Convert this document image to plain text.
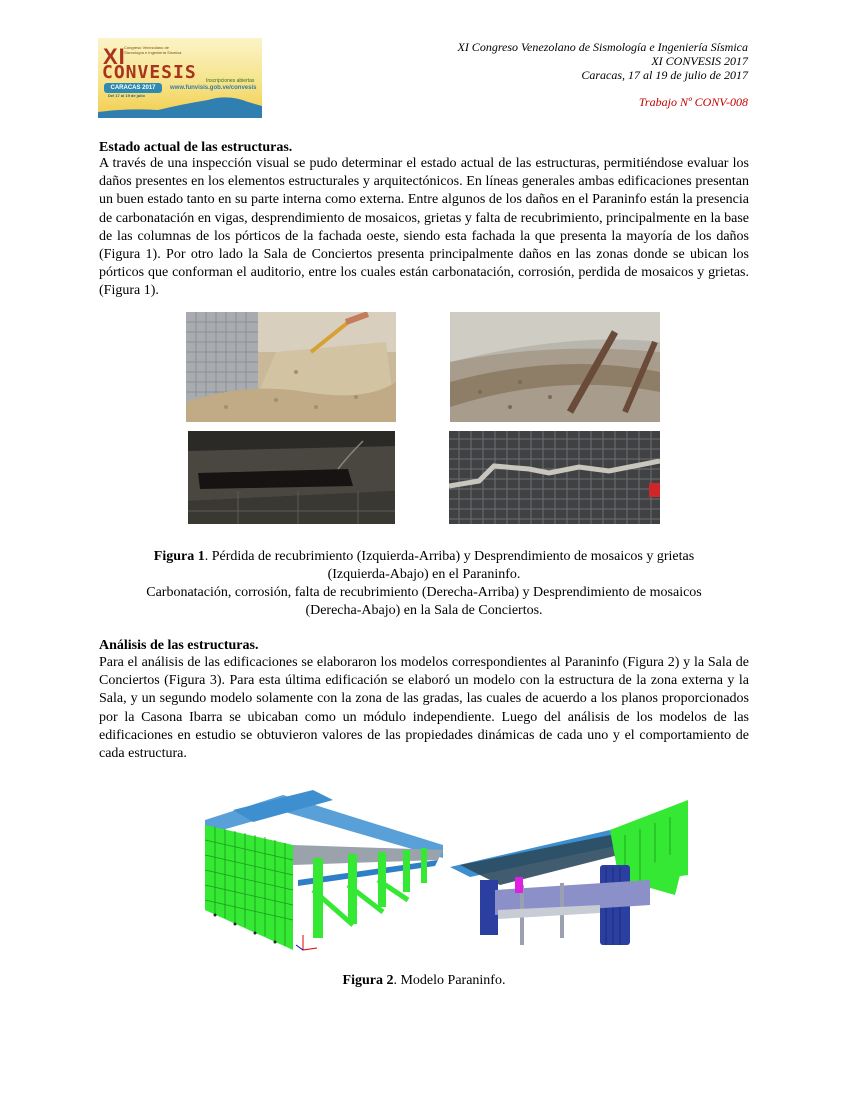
XI
Congreso Venezolano de Sismología e Ingeniería Sísmica
CONVESIS
CARACAS 2017
Del 17 al 19 de julio
Inscripciones abiertas
www.funvisis.gob.ve/convesis
XI Congreso Venezolano de Sismología e Ingeniería Sísmica
XI CONVESIS 2017
Caracas, 17 al 19 de julio de 2017
Trabajo Nº CONV-008
Estado actual de las estructuras.

A través de una inspección visual se pudo determinar el estado actual de las estructuras, permitiéndose evaluar los daños presentes en los elementos estructurales y arquitectónicos. En líneas generales ambas edificaciones presentan un buen estado tanto en su parte interna como externa. Entre algunos de los daños en el Paraninfo están la presencia de carbonatación en vigas, desprendimiento de mosaicos, grietas y falta de recubrimiento, principalmente en la base de las columnas de los pórticos de la fachada oeste, siendo esta fachada la que presenta la mayoría de los daños (Figura 1). Por otro lado la Sala de Conciertos presenta principalmente daños en las zonas donde se ubican los pórticos que conforman el auditorio, entre los cuales están carbonatación, corrosión, perdida de mosaicos y grietas. (Figura 1).

Figura 1. Pérdida de recubrimiento (Izquierda-Arriba) y Desprendimiento de mosaicos y grietas
(Izquierda-Abajo) en el Paraninfo.
Carbonatación, corrosión, falta de recubrimiento (Derecha-Arriba) y Desprendimiento de mosaicos
(Derecha-Abajo) en la Sala de Conciertos.
Análisis de las estructuras.

Para el análisis de las edificaciones se elaboraron los modelos correspondientes al Paraninfo (Figura 2) y la Sala de Conciertos (Figura 3). Para esta última edificación se elaboró un modelo con la estructura de la zona externa y la Sala, y un segundo modelo solamente con la zona de las gradas, las cuales de acuerdo a los planos proporcionados por la Casona Ibarra se ubicaban como un módulo independiente. Luego del análisis de los modelos de las edificaciones en estudio se obtuvieron valores de las propiedades dinámicas de cada uno y el comportamiento de cada estructura.

Figura 2. Modelo Paraninfo.
